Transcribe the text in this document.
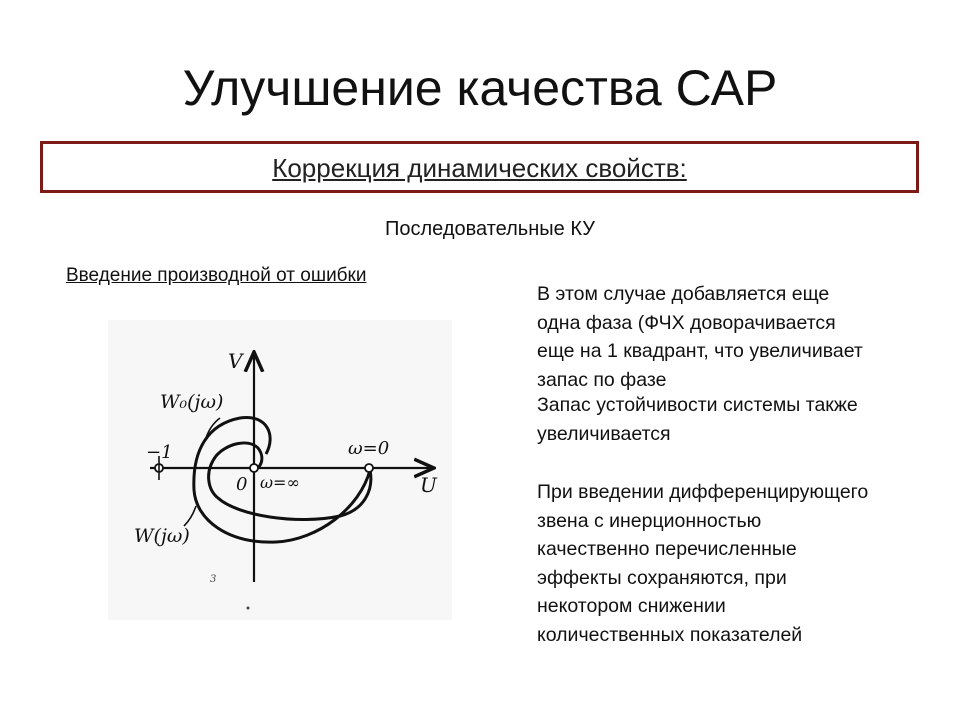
Улучшение качества САР
Коррекция динамических свойств:
Последовательные КУ
Введение производной от ошибки
V
U
0
−1	ω=0
ω=∞
W₀(jω)
W(jω)
3
В этом случае добавляется еще
одна фаза (ФЧХ доворачивается
еще на 1 квадрант, что увеличивает
запас по фазе
Запас устойчивости системы также
увеличивается
При введении дифференцирующего
звена с инерционностью
качественно перечисленные
эффекты сохраняются, при
некотором снижении
количественных показателей
